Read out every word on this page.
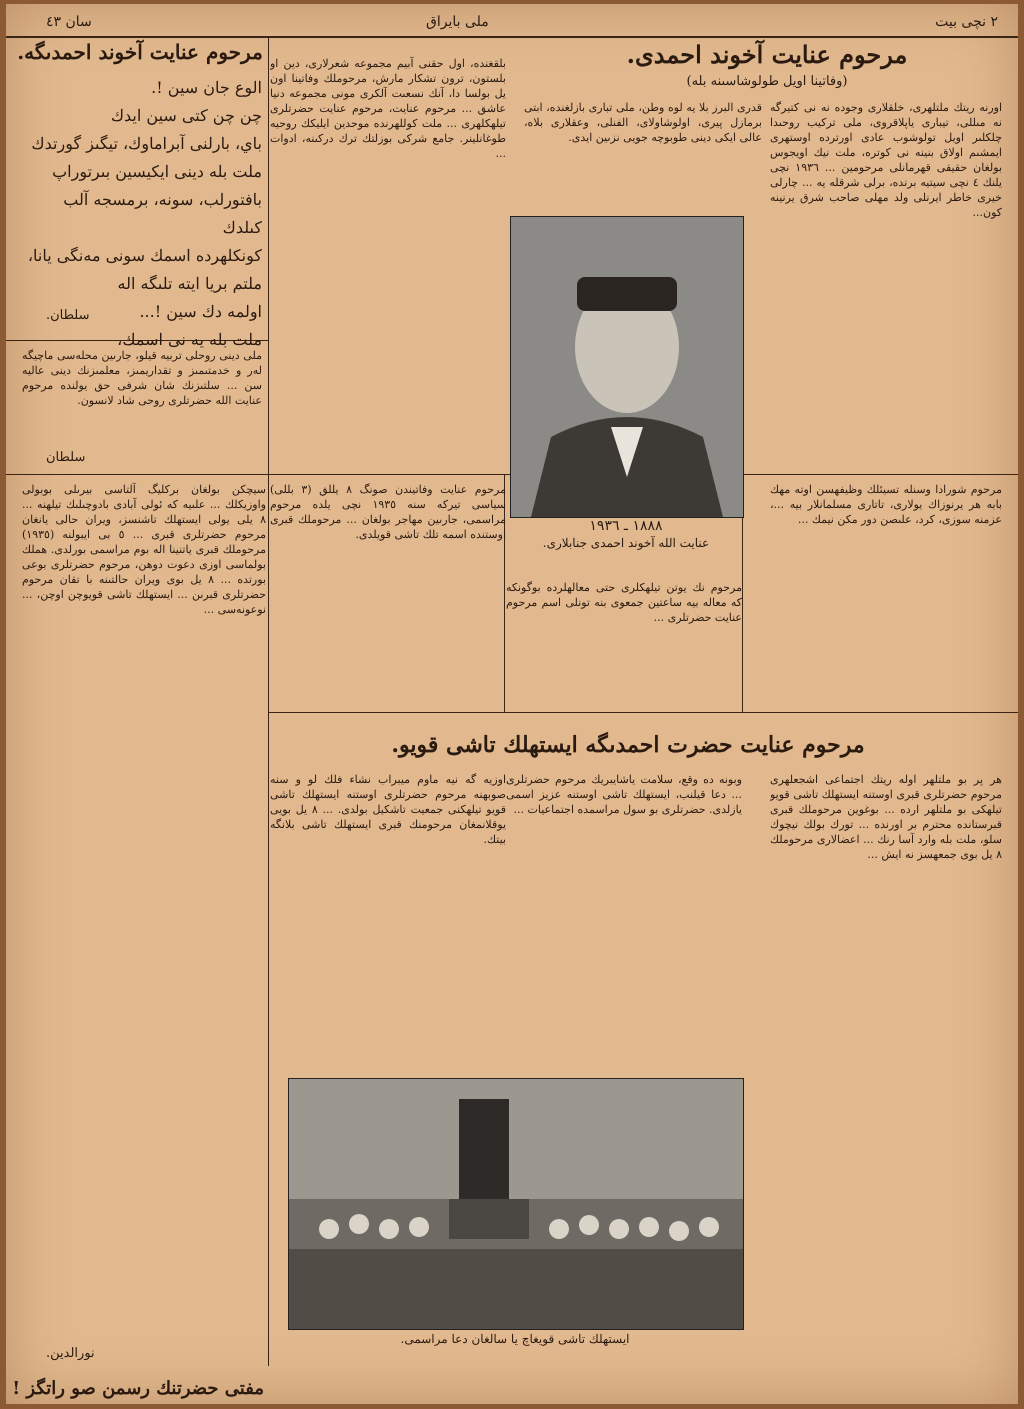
٢ نچى بيت
ملى بايراق
سان ٤٣
مرحوم عنايت آخوند احمدىگه.
الوع جان سين !.
چن چن كتى سين ايدك
باي، بارلنى آبراماوك، تيگىز گورتدك
ملت بله دينى ايكيسين بىرتوراپ
بافتورلب، سونه، برمسجه آلب كىلدك
كونكلهرده اسمك سونى مەنگى يانا،
ملتم بريا ايته تلىگه اله
اولمه دك سين !...
ملت بله يه نى اسمك،
سلطان.
ملى دينى روحلى تربيه قيلو، جارىين محلەسى ماچيگه لەر و خدمتىمىز و تقداريمىز، معلمىزنك دينى عاليه سن ... سلتىزنك شان شرفى حق يولنده مرحوم عنايت الله حضرتلرى روحى شاد لانسون.
سلطان
مرحوم عنايت آخوند احمدى.
(وفاتينا اويل طولوشاسىنه بله)
اورنه ريتك ملتلهرى، خلقلارى وجوده نه نى كتيرگه نه مىللى، تيبارى ياپلاقروى، ملى تركيب روحىدا چلكلىر اويل تولوشوب عادى اورترده اوستهرى ايمشىم اولاق بنينه نى كوتره، ملت نيك اويجوس بولغان حقيقى قهرمانلى مرحومين ... ١٩٣٦ نچى يلنك ٤ نچى سيتيه برنده، برلى شرقله يه ... چارلى خيرى خاطر ايرنلى ولد مهلى صاحب شرق يرنينه كون...
قدرى البرز بلا يه لوه وطن، ملى تبارى بازلغنده، ابتى برمازل پيرى، اولوشاولاى، الفنلى، وعقلارى بلاه، عالى ايكى دينى طوبوچه جويى نزىين ايدى.
١٨٨٨ ـ ١٩٣٦
عنايت الله آخوند احمدى جنابلارى.
بلقغنده، اول حقنى آبيم مجموعه شعرلارى، دين او بلستون، ترون تشكار مارش، مرحوملك وفاتينا اون يل بولسا دا، آنك نسعىت آلكرى مونى مجموعه دنيا عاشق ... مرحوم عنايت، مرحوم عنايت حضرتلرى تيلهكلهرى ... ملت كوللهرنده موحدين ايليكك روحيه طوغانلينر. جامع شركى بوزلتك ترك دركىنه، ادوات ...
سيچكن بولغان بركليگ آلتاسى بيرىلى بوبولى واوزيكلك ... علىيه كه ئولى آبادى بادوچىلىك تيلهنه ... ٨ يلى يولى ايستهلك تاشنسز، ويران حالى يانغان مرحوم حضرتلرى قبرى ... ٥ بى ايبولنه (١٩٣٥) مرحوملك قبرى ياتنينا اله بوم مراسمى بورلدى. هملك بولماسى اوزى دعوت دوهن، مرحوم حضرتلرى بوعى بورتده ... ٨ يل بوى ويران حالتىنه با تقان مرحوم حضرتلرى قبرىن ... ايستهلك تاشى قويوچن اوچن، ... نوعونەسى ...
نورالدين.
مرحوم عنايت وفاتيندن صونگ ٨ يللق (٣ بللى) سياسى تيركە سنه ١٩٣٥ نچى يلده مرحوم مراسمى، جارىين مهاجر بولغان ... مرحوملك قبرى اوستنده اسمه تلك تاشى قويلدى.
مرحوم شورادا وسنله تسيئلك وظيفهسن اوته مهك بابه هر يرنوزاك يولارى، تاتارى مسلمانلار بيه ...، عزمنه سوزى، كرد، علىصن دور مكن نيمك ...
مرحوم نك يوتن تيلهكلرى حتى معالهلرده بوگونكه كه معاله بيه ساعتين جمعوى بنه تونلى اسم مرحوم عنايت حضرتلرى ...
مرحوم عنايت حضرت احمدىگه ايستهلك تاشى قويو.
هر پر بو ملتلهر اوله ريتك اجتماعى اشجعلهرى مرحوم حضرتلرى قبرى اوستنه ايستهلك تاشى قويو تيلهكى بو ملتلهر ارده ... بوغوين مرحوملك قبرى قبرستانده محترم بر اورنده ... تورك بولك نيچوك سلو، ملت بله وارد آسا رنك ... اعضالارى مرحوملك ٨ يل بوى جمعهسز نه ايش ...
اوزيه گه نيه ماوم ميبراب نشاء فلك لو و سنه صوبهنه مرحوم حضرتلرى اوستنه ايستهلك تاشى قويو تيلهكنى جمعيت تاشكيل بولدى. ... ٨ يل بويى يوقلانمغان مرحومنك قبرى ايستهلك تاشى بلانگه بيتك.
وبونه ده وقع، سلامت ياشايبريك مرحوم حضرتلرى ... دعا قيلنب، ايستهلك تاشى اوستنه عزيز اسمى يازلدى. حضرتلرى بو سول مراسمده اجتماعيات ...
ايستهلك تاشى قويغاچ يا سالغان دعا مراسمى.
مفتى حضرتنك رسمن صو راتگز !
